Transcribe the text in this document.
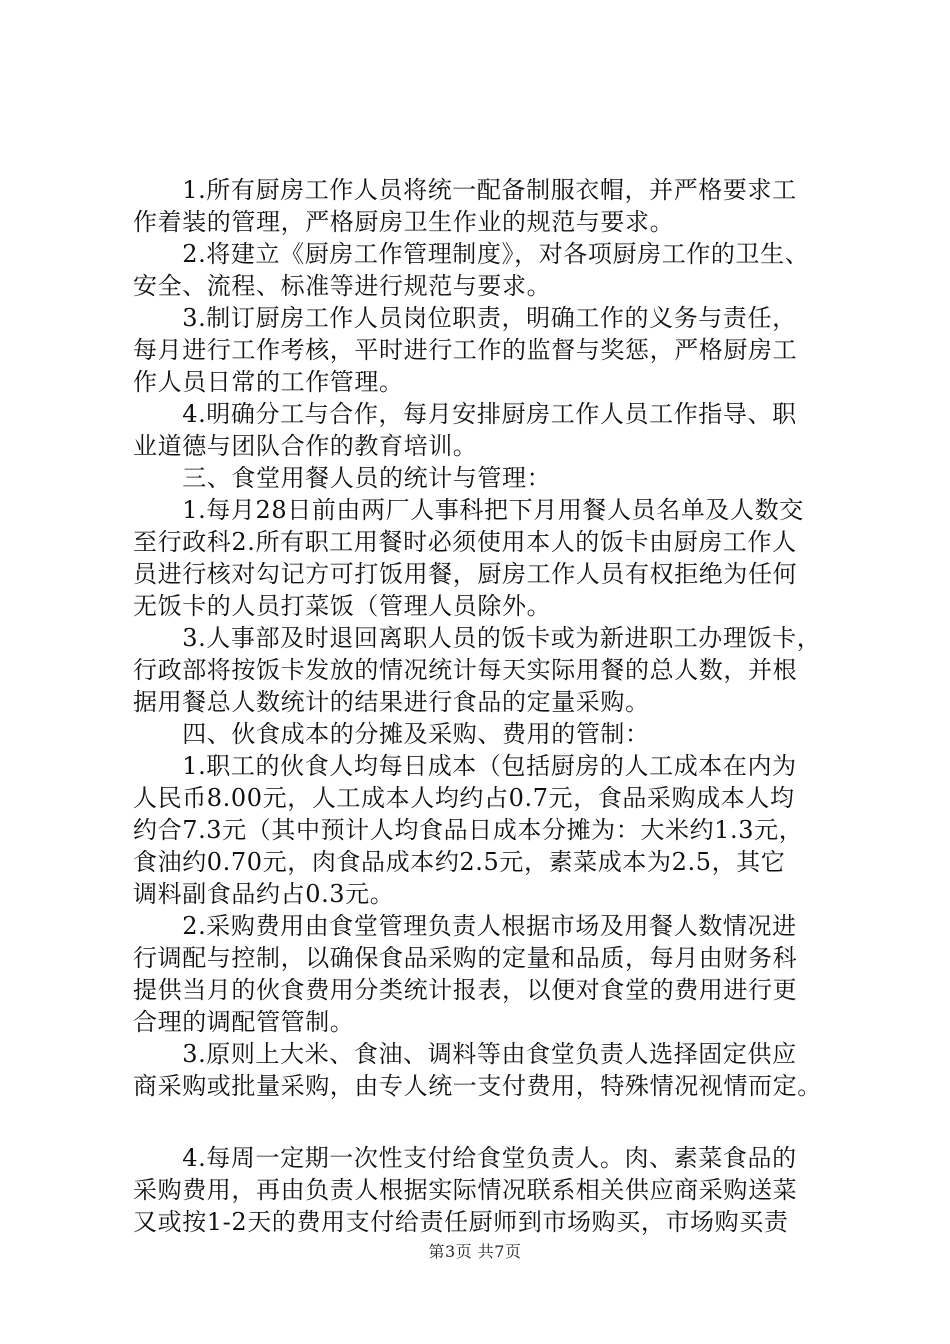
　　1.所有厨房工作人员将统一配备制服衣帽，并严格要求工
作着装的管理，严格厨房卫生作业的规范与要求。
　　2.将建立《厨房工作管理制度》，对各项厨房工作的卫生、
安全、流程、标准等进行规范与要求。
　　3.制订厨房工作人员岗位职责，明确工作的义务与责任，
每月进行工作考核，平时进行工作的监督与奖惩，严格厨房工
作人员日常的工作管理。
　　4.明确分工与合作，每月安排厨房工作人员工作指导、职
业道德与团队合作的教育培训。
　　三、食堂用餐人员的统计与管理：
　　1.每月28日前由两厂人事科把下月用餐人员名单及人数交
至行政科2.所有职工用餐时必须使用本人的饭卡由厨房工作人
员进行核对勾记方可打饭用餐，厨房工作人员有权拒绝为任何
无饭卡的人员打菜饭（管理人员除外。
　　3.人事部及时退回离职人员的饭卡或为新进职工办理饭卡，
行政部将按饭卡发放的情况统计每天实际用餐的总人数，并根
据用餐总人数统计的结果进行食品的定量采购。
　　四、伙食成本的分摊及采购、费用的管制：
　　1.职工的伙食人均每日成本（包括厨房的人工成本在内为
人民币8.00元，人工成本人均约占0.7元，食品采购成本人均
约合7.3元（其中预计人均食品日成本分摊为：大米约1.3元，
食油约0.70元，肉食品成本约2.5元，素菜成本为2.5，其它
调料副食品约占0.3元。
　　2.采购费用由食堂管理负责人根据市场及用餐人数情况进
行调配与控制，以确保食品采购的定量和品质，每月由财务科
提供当月的伙食费用分类统计报表，以便对食堂的费用进行更
合理的调配管管制。
　　3.原则上大米、食油、调料等由食堂负责人选择固定供应
商采购或批量采购，由专人统一支付费用，特殊情况视情而定。
　　4.每周一定期一次性支付给食堂负责人。肉、素菜食品的
采购费用，再由负责人根据实际情况联系相关供应商采购送菜
又或按1-2天的费用支付给责任厨师到市场购买，市场购买责
第3页 共7页
